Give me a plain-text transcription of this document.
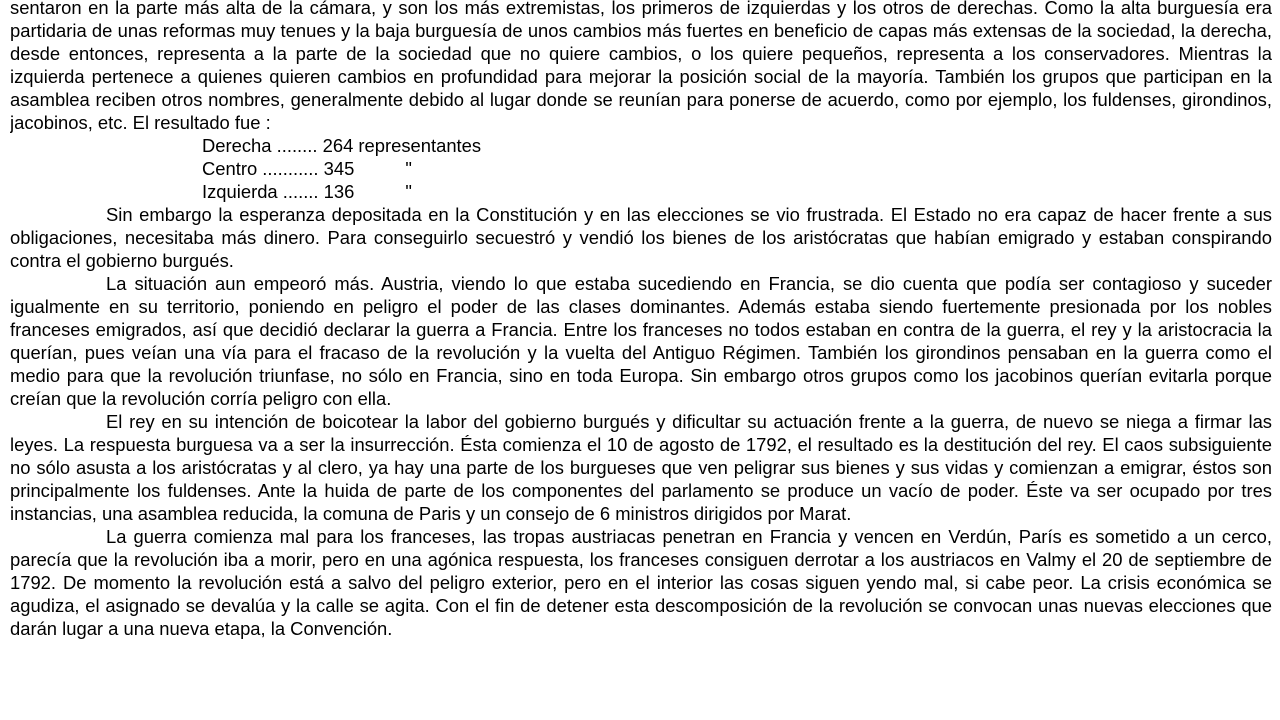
sentaron en la parte más alta de la cámara, y son los más extremistas, los primeros de izquierdas y los otros de derechas. Como la alta burguesía era partidaria de unas reformas muy tenues y la baja burguesía de unos cambios más fuertes en beneficio de capas más extensas de la sociedad, la derecha, desde entonces, representa a la parte de la sociedad que no quiere cambios, o los quiere pequeños, representa a los conservadores. Mientras la izquierda pertenece a quienes quieren cambios en profundidad para mejorar la posición social de la mayoría. También los grupos que participan en la asamblea reciben otros nombres, generalmente debido al lugar donde se reunían para ponerse de acuerdo, como por ejemplo, los fuldenses, girondinos, jacobinos, etc. El resultado fue :

Derecha ........ 264 representantes

Centro ........... 345          "

Izquierda ....... 136          "

Sin embargo la esperanza depositada en la Constitución y en las elecciones se vio frustrada. El Estado no era capaz de hacer frente a sus obligaciones, necesitaba más dinero. Para conseguirlo secuestró y vendió los bienes de los aristócratas que habían emigrado y estaban conspirando contra el gobierno burgués.

La situación aun empeoró más. Austria, viendo lo que estaba sucediendo en Francia, se dio cuenta que podía ser contagioso y suceder igualmente en su territorio, poniendo en peligro el poder de las clases dominantes. Además estaba siendo fuertemente presionada por los nobles franceses emigrados, así que decidió declarar la guerra a Francia. Entre los franceses no todos estaban en contra de la guerra, el rey y la aristocracia la querían, pues veían una vía para el fracaso de la revolución y la vuelta del Antiguo Régimen. También los girondinos pensaban en la guerra como el medio para que la revolución triunfase, no sólo en Francia, sino en toda Europa. Sin embargo otros grupos como los jacobinos querían evitarla porque creían que la revolución corría peligro con ella.

El rey en su intención de boicotear la labor del gobierno burgués y dificultar su actuación frente a la guerra, de nuevo se niega a firmar las leyes. La respuesta burguesa va a ser la insurrección. Ésta comienza el 10 de agosto de 1792, el resultado es la destitución del rey. El caos subsiguiente no sólo asusta a los aristócratas y al clero, ya hay una parte de los burgueses que ven peligrar sus bienes y sus vidas y comienzan a emigrar, éstos son principalmente los fuldenses. Ante la huida de parte de los componentes del parlamento se produce un vacío de poder. Éste va ser ocupado por tres instancias, una asamblea reducida, la comuna de Paris y un consejo de 6 ministros dirigidos por Marat.

La guerra comienza mal para los franceses, las tropas austriacas penetran en Francia y vencen en Verdún, París es sometido a un cerco, parecía que la revolución iba a morir, pero en una agónica respuesta, los franceses consiguen derrotar a los austriacos en Valmy el 20 de septiembre de 1792. De momento la revolución está a salvo del peligro exterior, pero en el interior las cosas siguen yendo mal, si cabe peor. La crisis económica se agudiza, el asignado se devalúa y la calle se agita. Con el fin de detener esta descomposición de la revolución se convocan unas nuevas elecciones que darán lugar a una nueva etapa, la Convención.
